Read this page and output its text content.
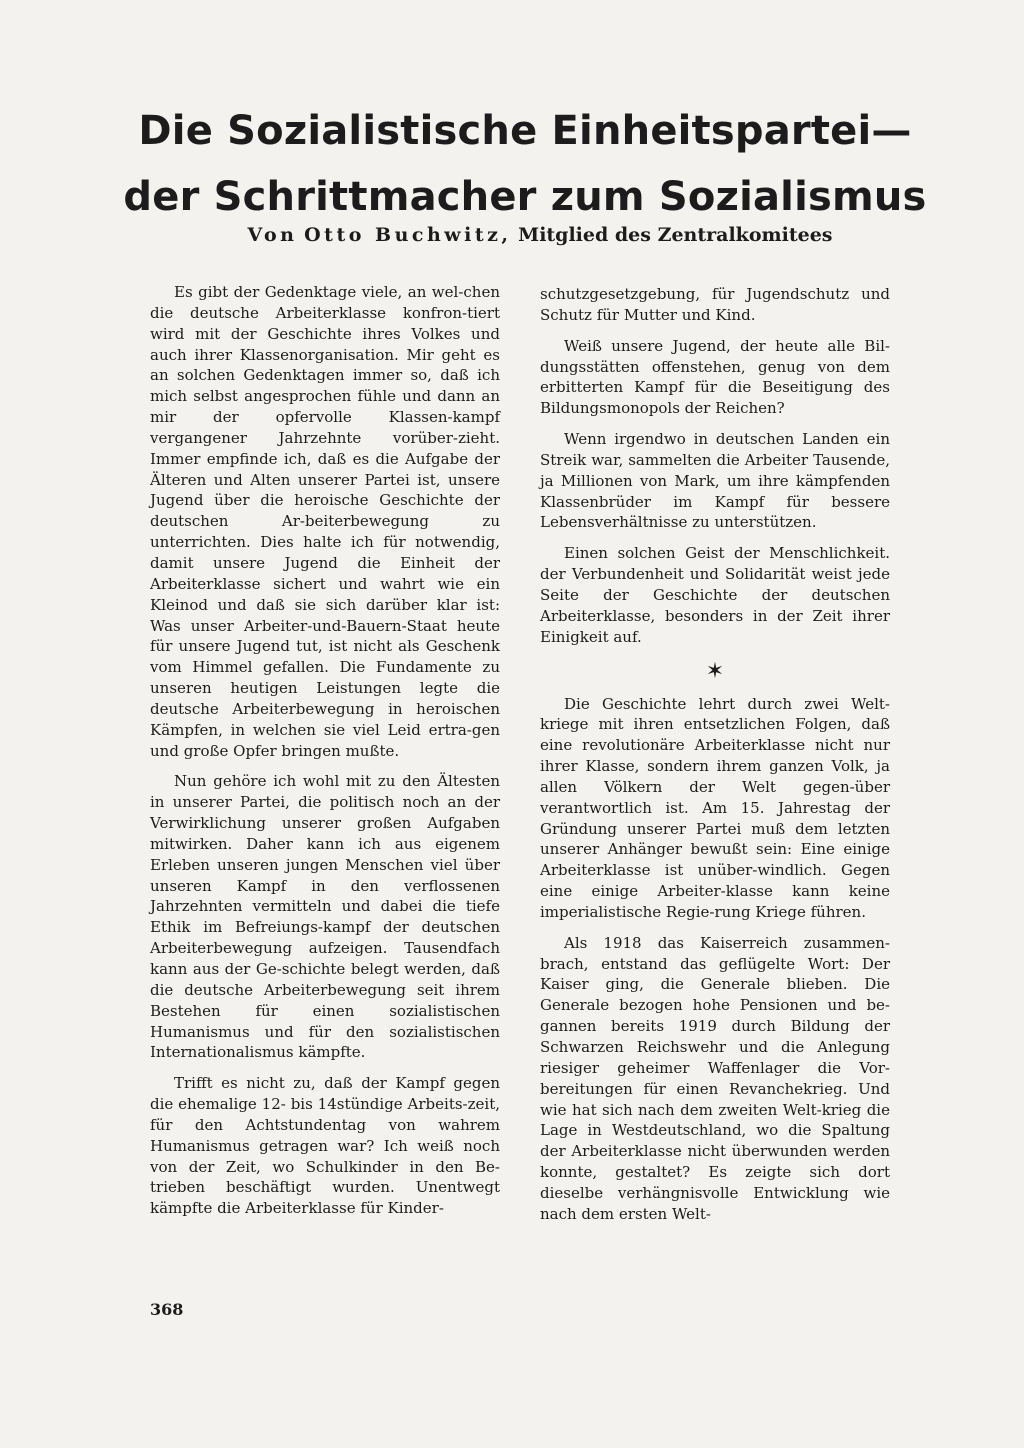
Die Sozialistische Einheitspartei—
der Schrittmacher zum Sozialismus

Von Otto Buchwitz, Mitglied des Zentralkomitees

Es gibt der Gedenktage viele, an wel-chen die deutsche Arbeiterklasse konfron-tiert wird mit der Geschichte ihres Volkes und auch ihrer Klassenorganisation. Mir geht es an solchen Gedenktagen immer so, daß ich mich selbst angesprochen fühle und dann an mir der opfervolle Klassen-kampf vergangener Jahrzehnte vorüber-zieht. Immer empfinde ich, daß es die Aufgabe der Älteren und Alten unserer Partei ist, unsere Jugend über die heroische Geschichte der deutschen Ar-beiterbewegung zu unterrichten. Dies halte ich für notwendig, damit unsere Jugend die Einheit der Arbeiterklasse sichert und wahrt wie ein Kleinod und daß sie sich darüber klar ist: Was unser Arbeiter-und-Bauern-Staat heute für unsere Jugend tut, ist nicht als Geschenk vom Himmel gefallen. Die Fundamente zu unseren heutigen Leistungen legte die deutsche Arbeiterbewegung in heroischen Kämpfen, in welchen sie viel Leid ertra-gen und große Opfer bringen mußte.

Nun gehöre ich wohl mit zu den Ältesten in unserer Partei, die politisch noch an der Verwirklichung unserer großen Aufgaben mitwirken. Daher kann ich aus eigenem Erleben unseren jungen Menschen viel über unseren Kampf in den verflossenen Jahrzehnten vermitteln und dabei die tiefe Ethik im Befreiungs-kampf der deutschen Arbeiterbewegung aufzeigen. Tausendfach kann aus der Ge-schichte belegt werden, daß die deutsche Arbeiterbewegung seit ihrem Bestehen für einen sozialistischen Humanismus und für den sozialistischen Internationalismus kämpfte.

Trifft es nicht zu, daß der Kampf gegen die ehemalige 12- bis 14stündige Arbeits-zeit, für den Achtstundentag von wahrem Humanismus getragen war? Ich weiß noch von der Zeit, wo Schulkinder in den Be-trieben beschäftigt wurden. Unentwegt kämpfte die Arbeiterklasse für Kinder-

schutzgesetzgebung, für Jugendschutz und Schutz für Mutter und Kind.

Weiß unsere Jugend, der heute alle Bil-dungsstätten offenstehen, genug von dem erbitterten Kampf für die Beseitigung des Bildungsmonopols der Reichen?

Wenn irgendwo in deutschen Landen ein Streik war, sammelten die Arbeiter Tausende, ja Millionen von Mark, um ihre kämpfenden Klassenbrüder im Kampf für bessere Lebensverhältnisse zu unterstützen.

Einen solchen Geist der Menschlichkeit. der Verbundenheit und Solidarität weist jede Seite der Geschichte der deutschen Arbeiterklasse, besonders in der Zeit ihrer Einigkeit auf.

✶

Die Geschichte lehrt durch zwei Welt-kriege mit ihren entsetzlichen Folgen, daß eine revolutionäre Arbeiterklasse nicht nur ihrer Klasse, sondern ihrem ganzen Volk, ja allen Völkern der Welt gegen-über verantwortlich ist. Am 15. Jahrestag der Gründung unserer Partei muß dem letzten unserer Anhänger bewußt sein: Eine einige Arbeiterklasse ist unüber-windlich. Gegen eine einige Arbeiter-klasse kann keine imperialistische Regie-rung Kriege führen.

Als 1918 das Kaiserreich zusammen-brach, entstand das geflügelte Wort: Der Kaiser ging, die Generale blieben. Die Generale bezogen hohe Pensionen und be-gannen bereits 1919 durch Bildung der Schwarzen Reichswehr und die Anlegung riesiger geheimer Waffenlager die Vor-bereitungen für einen Revanchekrieg. Und wie hat sich nach dem zweiten Welt-krieg die Lage in Westdeutschland, wo die Spaltung der Arbeiterklasse nicht überwunden werden konnte, gestaltet? Es zeigte sich dort dieselbe verhängnisvolle Entwicklung wie nach dem ersten Welt-

368
